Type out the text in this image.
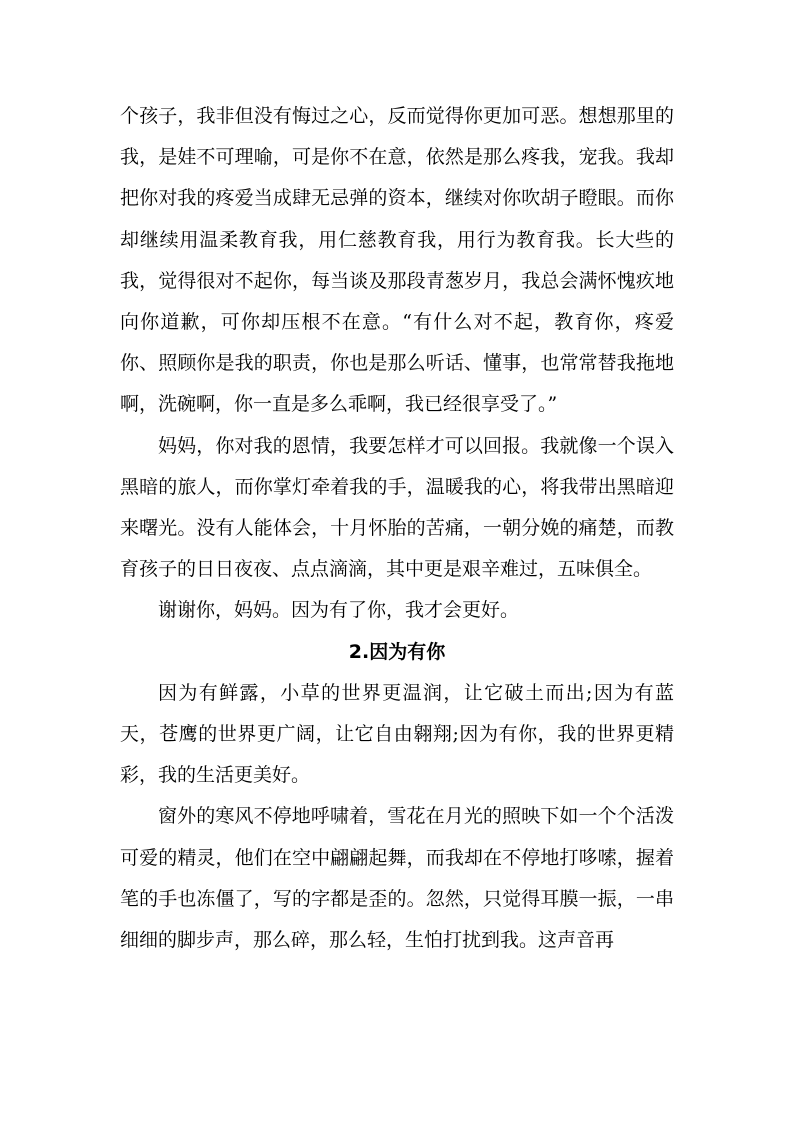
个孩子，我非但没有悔过之心，反而觉得你更加可恶。想想那里的我，是娃不可理喻，可是你不在意，依然是那么疼我，宠我。我却把你对我的疼爱当成肆无忌弹的资本，继续对你吹胡子瞪眼。而你却继续用温柔教育我，用仁慈教育我，用行为教育我。长大些的我，觉得很对不起你，每当谈及那段青葱岁月，我总会满怀愧疚地向你道歉，可你却压根不在意。“有什么对不起，教育你，疼爱你、照顾你是我的职责，你也是那么听话、懂事，也常常替我拖地啊，洗碗啊，你一直是多么乖啊，我已经很享受了。”

妈妈，你对我的恩情，我要怎样才可以回报。我就像一个误入黑暗的旅人，而你掌灯牵着我的手，温暖我的心，将我带出黑暗迎来曙光。没有人能体会，十月怀胎的苦痛，一朝分娩的痛楚，而教育孩子的日日夜夜、点点滴滴，其中更是艰辛难过，五味俱全。

谢谢你，妈妈。因为有了你，我才会更好。

2.因为有你

因为有鲜露，小草的世界更温润，让它破土而出;因为有蓝天，苍鹰的世界更广阔，让它自由翱翔;因为有你，我的世界更精彩，我的生活更美好。

窗外的寒风不停地呼啸着，雪花在月光的照映下如一个个活泼可爱的精灵，他们在空中翩翩起舞，而我却在不停地打哆嗦，握着笔的手也冻僵了，写的字都是歪的。忽然，只觉得耳膜一振，一串细细的脚步声，那么碎，那么轻，生怕打扰到我。这声音再
